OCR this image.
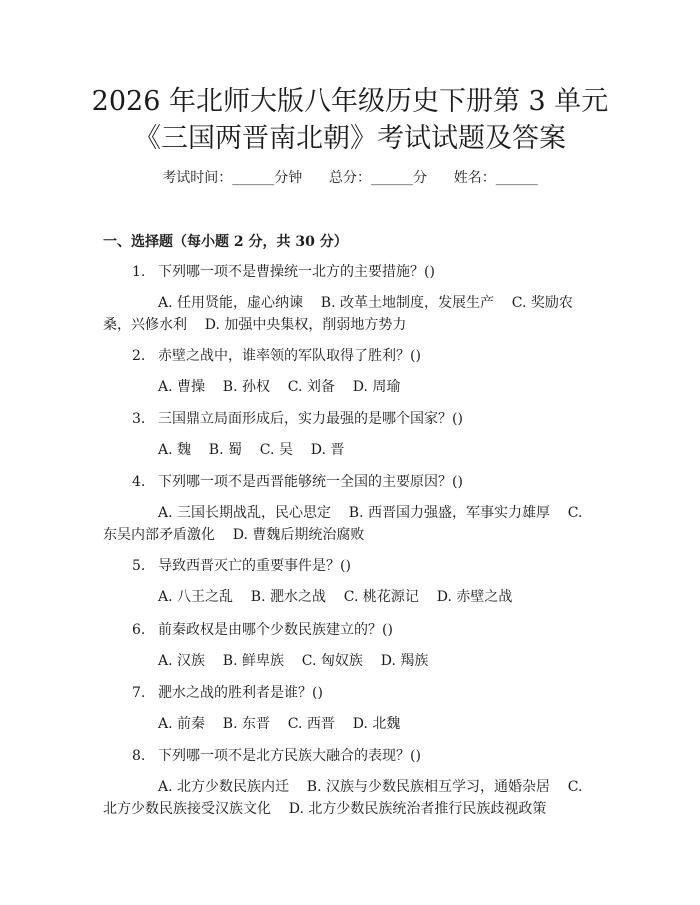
2026 年北师大版八年级历史下册第 3 单元
《三国两晋南北朝》考试试题及答案
考试时间：______分钟      总分：______分      姓名：______
一、选择题（每小题 2 分，共 30 分）
1. 下列哪一项不是曹操统一北方的主要措施？()
A. 任用贤能，虚心纳谏    B. 改革土地制度，发展生产    C. 奖励农桑，兴修水利    D. 加强中央集权，削弱地方势力
2. 赤壁之战中，谁率领的军队取得了胜利？()
A. 曹操    B. 孙权    C. 刘备    D. 周瑜
3. 三国鼎立局面形成后，实力最强的是哪个国家？()
A. 魏    B. 蜀    C. 吴    D. 晋
4. 下列哪一项不是西晋能够统一全国的主要原因？()
A. 三国长期战乱，民心思定    B. 西晋国力强盛，军事实力雄厚    C. 东吴内部矛盾激化    D. 曹魏后期统治腐败
5. 导致西晋灭亡的重要事件是？()
A. 八王之乱    B. 淝水之战    C. 桃花源记    D. 赤壁之战
6. 前秦政权是由哪个少数民族建立的？()
A. 汉族    B. 鲜卑族    C. 匈奴族    D. 羯族
7. 淝水之战的胜利者是谁？()
A. 前秦    B. 东晋    C. 西晋    D. 北魏
8. 下列哪一项不是北方民族大融合的表现？()
A. 北方少数民族内迁    B. 汉族与少数民族相互学习，通婚杂居    C. 北方少数民族接受汉族文化    D. 北方少数民族统治者推行民族歧视政策
